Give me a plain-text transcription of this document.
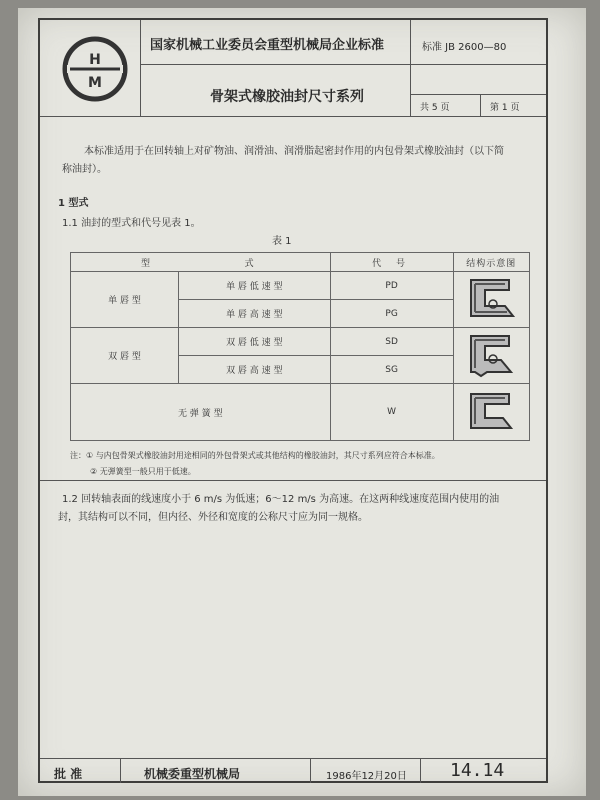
H
M
国家机械工业委员会重型机械局企业标准	标准 JB 2600—80
骨架式橡胶油封尺寸系列
共 5 页	第 1 页
本标准适用于在回转轴上对矿物油、润滑油、润滑脂起密封作用的内包骨架式橡胶油封（以下简
称油封）。
1 型式
1.1 油封的型式和代号见表 1。
表 1
型 式		代 号	结构示意图
单 唇 型	单 唇 低 速 型	PD	
	单 唇 高 速 型	PG	
双 唇 型	双 唇 低 速 型	SD	
	双 唇 高 速 型	SG	
无 弹 簧 型		W	
注：① 与内包骨架式橡胶油封用途相同的外包骨架式或其他结构的橡胶油封，其尺寸系列应符合本标准。
② 无弹簧型一般只用于低速。
1.2 回转轴表面的线速度小于 6 m/s 为低速；6～12 m/s 为高速。在这两种线速度范围内使用的油
封，其结构可以不同，但内径、外径和宽度的公称尺寸应为同一规格。
批 准	机械委重型机械局	1986年12月20日 14.14
